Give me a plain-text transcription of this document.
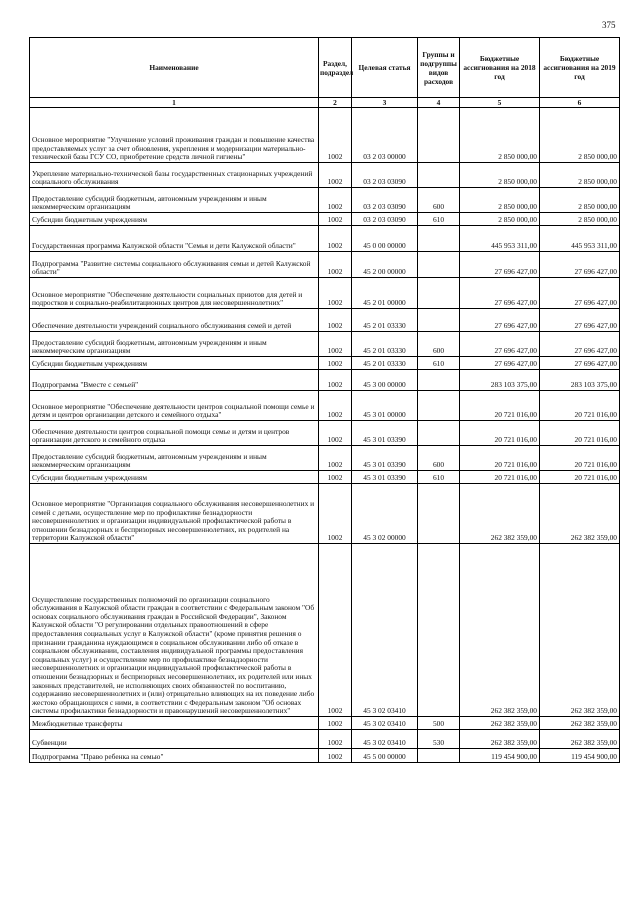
375
Наименование	Раздел, подраздел	Целевая статья	Группы и подгруппы видов расходов	Бюджетные ассигнования на 2018 год	Бюджетные ассигнования на 2019 год
1	2	3	4	5	6
Основное мероприятие "Улучшение условий проживания граждан и повышение качества предоставляемых услуг за счет обновления, укрепления и модернизации материально-технической базы ГСУ СО, приобретение средств личной гигиены"	1002	03 2 03 00000		2 850 000,00	2 850 000,00
Укрепление материально-технической базы государственных стационарных учреждений социального обслуживания	1002	03 2 03 03090		2 850 000,00	2 850 000,00
Предоставление субсидий бюджетным, автономным учреждениям и иным некоммерческим организациям	1002	03 2 03 03090	600	2 850 000,00	2 850 000,00
Субсидии бюджетным учреждениям	1002	03 2 03 03090	610	2 850 000,00	2 850 000,00
Государственная программа Калужской области "Семья и дети Калужской области"	1002	45 0 00 00000		445 953 311,00	445 953 311,00
Подпрограмма "Развитие системы социального обслуживания семьи и детей Калужской области"	1002	45 2 00 00000		27 696 427,00	27 696 427,00
Основное мероприятие "Обеспечение деятельности социальных приютов для детей и подростков и социально-реабилитационных центров для несовершеннолетних"	1002	45 2 01 00000		27 696 427,00	27 696 427,00
Обеспечение деятельности учреждений социального обслуживания семей и детей	1002	45 2 01 03330		27 696 427,00	27 696 427,00
Предоставление субсидий бюджетным, автономным учреждениям и иным некоммерческим организациям	1002	45 2 01 03330	600	27 696 427,00	27 696 427,00
Субсидии бюджетным учреждениям	1002	45 2 01 03330	610	27 696 427,00	27 696 427,00
Подпрограмма "Вместе с семьей"	1002	45 3 00 00000		283 103 375,00	283 103 375,00
Основное мероприятие "Обеспечение деятельности центров социальной помощи семье и детям и центров организации детского и семейного отдыха"	1002	45 3 01 00000		20 721 016,00	20 721 016,00
Обеспечение деятельности центров социальной помощи семье и детям и центров организации детского и семейного отдыха	1002	45 3 01 03390		20 721 016,00	20 721 016,00
Предоставление субсидий бюджетным, автономным учреждениям и иным некоммерческим организациям	1002	45 3 01 03390	600	20 721 016,00	20 721 016,00
Субсидии бюджетным учреждениям	1002	45 3 01 03390	610	20 721 016,00	20 721 016,00
Основное мероприятие "Организация социального обслуживания несовершеннолетних и семей с детьми, осуществление мер по профилактике безнадзорности несовершеннолетних и организации индивидуальной профилактической работы в отношении безнадзорных и беспризорных несовершеннолетних, их родителей на территории Калужской области"	1002	45 3 02 00000		262 382 359,00	262 382 359,00
Осуществление государственных полномочий по организации социального обслуживания в Калужской области граждан в соответствии с Федеральным законом "Об основах социального обслуживания граждан в Российской Федерации", Законом Калужской области "О регулировании отдельных правоотношений в сфере предоставления социальных услуг в Калужской области" (кроме принятия решения о признании гражданина нуждающимся в социальном обслуживании либо об отказе в социальном обслуживании, составления индивидуальной программы предоставления социальных услуг) и осуществление мер по профилактике безнадзорности несовершеннолетних и организации индивидуальной профилактической работы в отношении безнадзорных и беспризорных несовершеннолетних, их родителей или иных законных представителей, не исполняющих своих обязанностей по воспитанию, содержанию несовершеннолетних и (или) отрицательно влияющих на их поведение либо жестоко обращающихся с ними, в соответствии с Федеральным законом "Об основах системы профилактики безнадзорности и правонарушений несовершеннолетних"	1002	45 3 02 03410		262 382 359,00	262 382 359,00
Межбюджетные трансферты	1002	45 3 02 03410	500	262 382 359,00	262 382 359,00
Субвенции	1002	45 3 02 03410	530	262 382 359,00	262 382 359,00
Подпрограмма "Право ребенка на семью"	1002	45 5 00 00000		119 454 900,00	119 454 900,00
